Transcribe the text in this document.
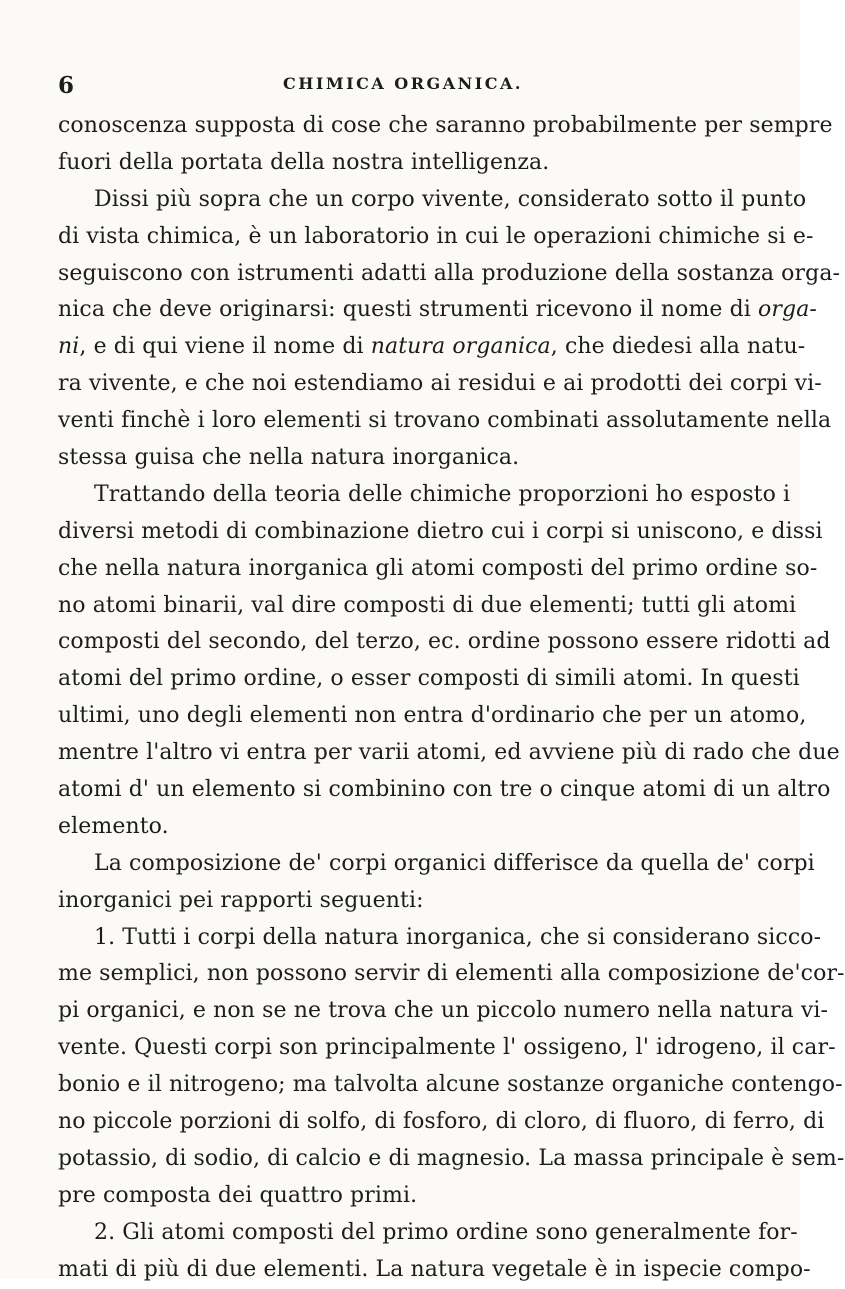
6	CHIMICA ORGANICA.
conoscenza supposta di cose che saranno probabilmente per sempre
fuori della portata della nostra intelligenza.
Dissi più sopra che un corpo vivente, considerato sotto il punto
di vista chimica, è un laboratorio in cui le operazioni chimiche si e-
seguiscono con istrumenti adatti alla produzione della sostanza orga-
nica che deve originarsi: questi strumenti ricevono il nome di orga-
ni, e di qui viene il nome di natura organica, che diedesi alla natu-
ra vivente, e che noi estendiamo ai residui e ai prodotti dei corpi vi-
venti finchè i loro elementi si trovano combinati assolutamente nella
stessa guisa che nella natura inorganica.
Trattando della teoria delle chimiche proporzioni ho esposto i
diversi metodi di combinazione dietro cui i corpi si uniscono, e dissi
che nella natura inorganica gli atomi composti del primo ordine so-
no atomi binarii, val dire composti di due elementi; tutti gli atomi
composti del secondo, del terzo, ec. ordine possono essere ridotti ad
atomi del primo ordine, o esser composti di simili atomi. In questi
ultimi, uno degli elementi non entra d'ordinario che per un atomo,
mentre l'altro vi entra per varii atomi, ed avviene più di rado che due
atomi d' un elemento si combinino con tre o cinque atomi di un altro
elemento.
La composizione de' corpi organici differisce da quella de' corpi
inorganici pei rapporti seguenti:
1. Tutti i corpi della natura inorganica, che si considerano sicco-
me semplici, non possono servir di elementi alla composizione de'cor-
pi organici, e non se ne trova che un piccolo numero nella natura vi-
vente. Questi corpi son principalmente l' ossigeno, l' idrogeno, il car-
bonio e il nitrogeno; ma talvolta alcune sostanze organiche contengo-
no piccole porzioni di solfo, di fosforo, di cloro, di fluoro, di ferro, di
potassio, di sodio, di calcio e di magnesio. La massa principale è sem-
pre composta dei quattro primi.
2. Gli atomi composti del primo ordine sono generalmente for-
mati di più di due elementi. La natura vegetale è in ispecie compo-
